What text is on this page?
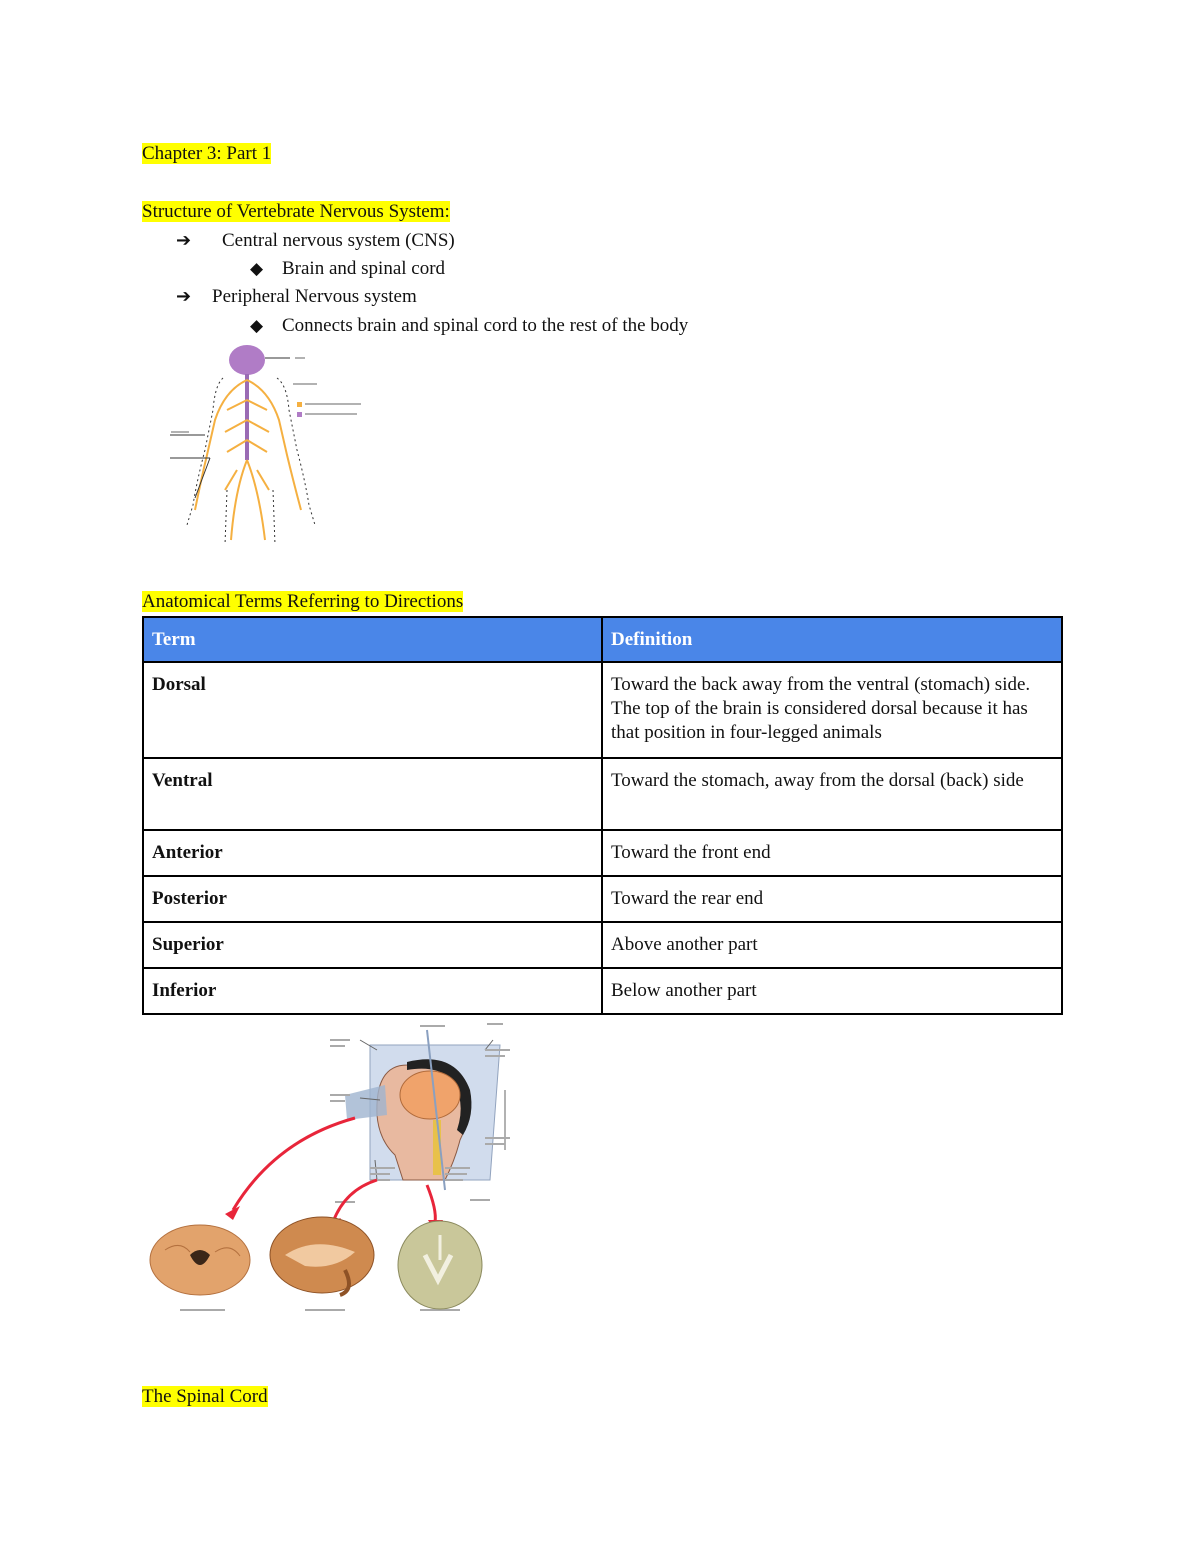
Chapter 3: Part 1
Structure of Vertebrate Nervous System:
➔ Central nervous system (CNS)
◆ Brain and spinal cord
➔ Peripheral Nervous system
◆ Connects brain and spinal cord to the rest of the body
Anatomical Terms Referring to Directions
Term	Definition
Dorsal	Toward the back away from the ventral (stomach) side. The top of the brain is considered dorsal because it has that position in four-legged animals
Ventral	Toward the stomach, away from the dorsal (back) side
Anterior	Toward the front end
Posterior	Toward the rear end
Superior	Above another part
Inferior	Below another part
The Spinal Cord
